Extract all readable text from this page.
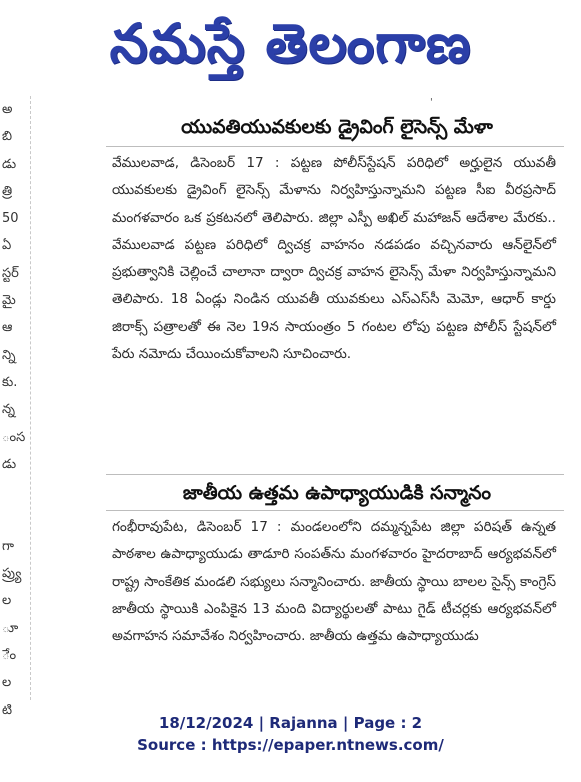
నమస్తే తెలంగాణ
అ
బి
డు
త్రి
50
ఏ
స్టర్
మై
ఆ
న్ని
కు.
న్న
ంస
డు
గా
ప్ర్యు
ల
ూ
ేం
ల
టి
'
యువతియువకులకు డ్రైవింగ్ లైసెన్స్ మేళా

వేములవాడ, డిసెంబర్ 17 : పట్టణ పోలీస్‌స్టేషన్ పరిధిలో అర్హులైన యువతీ యువకులకు డ్రైవింగ్ లైసెన్స్ మేళాను నిర్వహిస్తున్నామని పట్టణ సీఐ వీరప్రసాద్ మంగళవారం ఒక ప్రకటనలో తెలిపారు. జిల్లా ఎస్పీ అఖిల్ మహాజన్ ఆదేశాల మేరకు.. వేములవాడ పట్టణ పరిధిలో ద్విచక్ర వాహనం నడపడం వచ్చినవారు ఆన్‌లైన్‌లో ప్రభుత్వానికి చెల్లించే చాలానా ద్వారా ద్విచక్ర వాహన లైసెన్స్ మేళా నిర్వహిస్తున్నామని తెలిపారు. 18 ఏండ్లు నిండిన యువతీ యువకులు ఎస్ఎస్‌సీ మెమో, ఆధార్ కార్డు జిరాక్స్ పత్రాలతో ఈ నెల 19న సాయంత్రం 5 గంటల లోపు పట్టణ పోలీస్ స్టేషన్‌లో పేరు నమోదు చేయించుకోవాలని సూచించారు.

జాతీయ ఉత్తమ ఉపాధ్యాయుడికి సన్మానం

గంభీరావుపేట, డిసెంబర్ 17 : మండలంలోని దమ్మన్నపేట జిల్లా పరిషత్ ఉన్నత పాఠశాల ఉపాధ్యాయుడు తాడూరి సంపత్‌ను మంగళవారం హైదరాబాద్ ఆర్యభవన్‌లో రాష్ట్ర సాంకేతిక మండలి సభ్యులు సన్మానించారు. జాతీయ స్థాయి బాలల సైన్స్ కాంగ్రెస్ జాతీయ స్థాయికి ఎంపికైన 13 మంది విద్యార్థులతో పాటు గైడ్ టీచర్లకు ఆర్యభవన్‌లో అవగాహన సమావేశం నిర్వహించారు. జాతీయ ఉత్తమ ఉపాధ్యాయుడు

18/12/2024 | Rajanna | Page : 2
Source : https://epaper.ntnews.com/
